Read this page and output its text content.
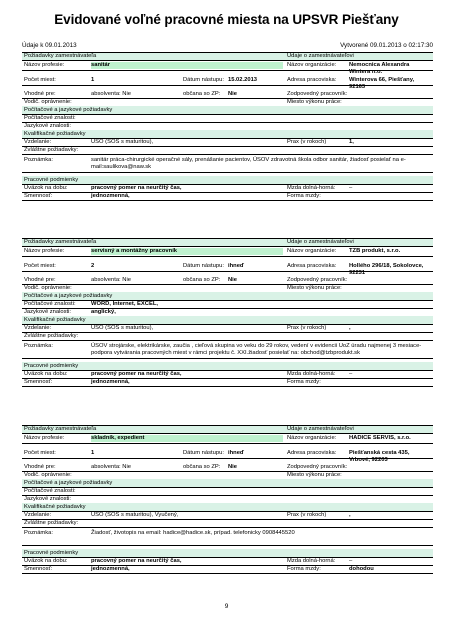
Evidované voľné pracovné miesta na UPSVR Piešťany
Údaje k 09.01.2013	Vytvorené 09.01.2013 o 02:17:30
Požiadavky zamestnávateľa	Údaje o zamestnávateľovi
Názov profesie:	sanitár	Názov organizácie: Nemocnica Alexandra Wintera n.o.
Počet miest:	1	Dátum nástupu: 15.02.2013	Adresa pracoviska: Winterova 66, Piešťany, 92163
Vhodné pre:	absolventa: Nie	občana so ZP: Nie	Zodpovedný pracovník:
Vodič. oprávnenie:	Miesto výkonu práce:
Počítačové a jazykové požiadavky
Počítačové znalosti:
Jazykové znalosti:
Kvalifikačné požiadavky
Vzdelanie:	USO (SOS s maturitou),	Prax (v rokoch)	1,
Zvláštne požiadavky:
Poznámka:	sanitár práca-chirurgické operačné sály, prenášanie pacientov, ÚSOV zdravotná škola odbor sanitár, žiadosť posielať na e-mail:saulikova@naw.sk
Pracovné podmienky
Úväzok na dobu:	pracovný pomer na neurčitý čas,	Mzda dolná-horná: –
Smennosť:	jednozmenná,	Forma mzdy:
Požiadavky zamestnávateľa	Údaje o zamestnávateľovi
Názov profesie:	servisný a montážny pracovník	Názov organizácie: TZB produkt, s.r.o.
Počet miest:	2	Dátum nástupu: ihneď	Adresa pracoviska: Hollého 296/18, Sokolovce, 92231
Vhodné pre:	absolventa: Nie	občana so ZP: Nie	Zodpovedný pracovník:
Vodič. oprávnenie:	Miesto výkonu práce:
Počítačové a jazykové požiadavky
Počítačové znalosti:	WORD, Internet, EXCEL,
Jazykové znalosti:	anglický,
Kvalifikačné požiadavky
Vzdelanie:	USO (SOS s maturitou),	Prax (v rokoch)	,
Zvláštne požiadavky:
Poznámka:	ÚSOV strojárske, elektrikárske, zaučia , cieľová skupina vo veku do 29 rokov, vedení v evidencii UoZ úradu najmenej 3 mesiace- podpora vytvárania pracovných miest v rámci projektu č. XXI.žiadosť posielať na: obchod@tzbprodukt.sk
Pracovné podmienky
Úväzok na dobu:	pracovný pomer na neurčitý čas,	Mzda dolná-horná: –
Smennosť:	jednozmenná,	Forma mzdy:
Požiadavky zamestnávateľa	Údaje o zamestnávateľovi
Názov profesie:	skladník, expedient	Názov organizácie: HADICE SERVIS, s.r.o.
Počet miest:	1	Dátum nástupu: ihneď	Adresa pracoviska: Piešťanská cesta 435, Vrbové, 92203
Vhodné pre:	absolventa: Nie	občana so ZP: Nie	Zodpovedný pracovník:
Vodič. oprávnenie:	Miesto výkonu práce:
Počítačové a jazykové požiadavky
Počítačové znalosti:
Jazykové znalosti:
Kvalifikačné požiadavky
Vzdelanie:	USO (SOS s maturitou), Vyučený,	Prax (v rokoch)	,
Zvláštne požiadavky:
Poznámka:	Žiadosť, životopis na email: hadice@hadice.sk, prípad. telefonicky 0908445520
Pracovné podmienky
Úväzok na dobu:	pracovný pomer na neurčitý čas,	Mzda dolná-horná: –
Smennosť:	jednozmenná,	Forma mzdy:	dohodou
9
